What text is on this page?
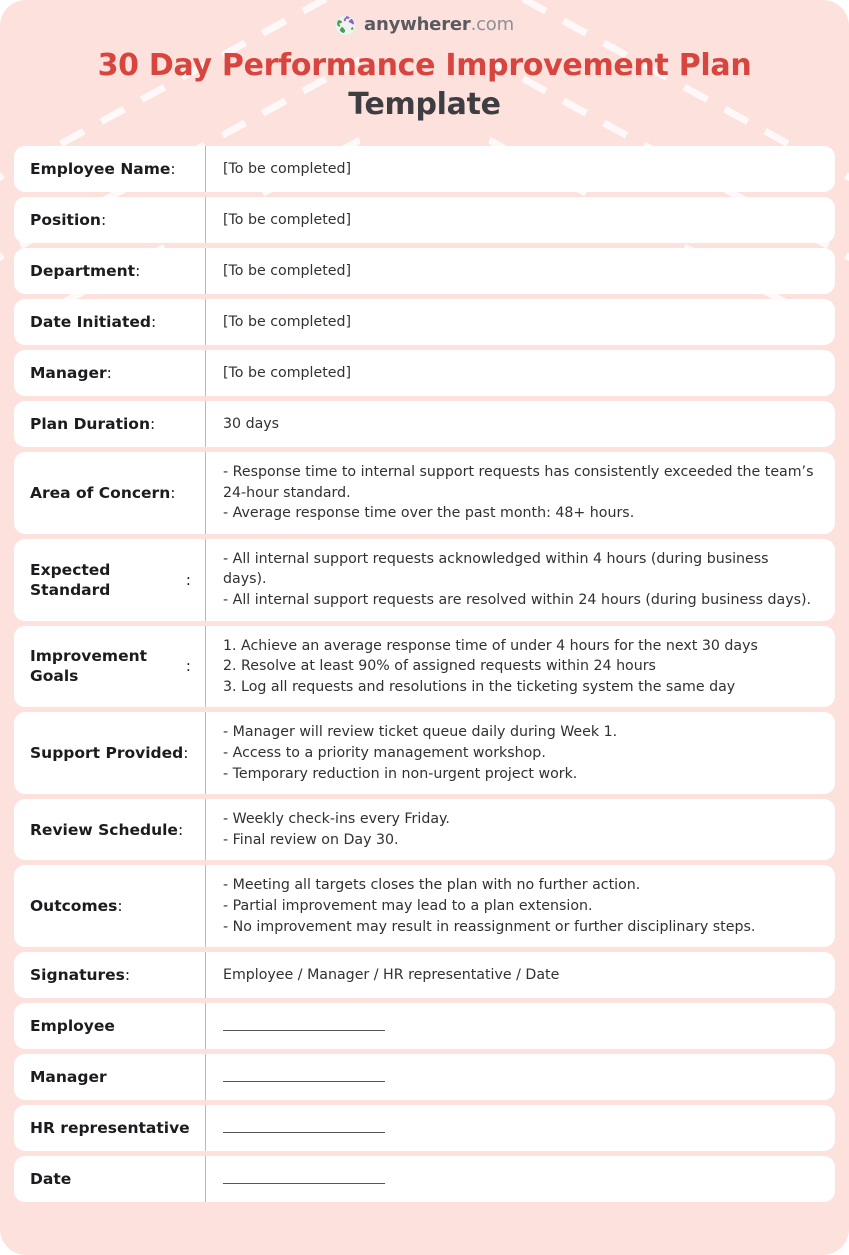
anywherer.com
30 Day Performance Improvement Plan Template
Employee Name :	[To be completed]
Position :	[To be completed]
Department :	[To be completed]
Date Initiated :	[To be completed]
Manager :	[To be completed]
Plan Duration :	30 days
Area of Concern :
- Response time to internal support requests has consistently exceeded the team’s 24-hour standard.
- Average response time over the past month: 48+ hours.
Expected Standard
:
- All internal support requests acknowledged within 4 hours (during business days).
- All internal support requests are resolved within 24 hours (during business days).
Improvement Goals
:
1. Achieve an average response time of under 4 hours for the next 30 days
2. Resolve at least 90% of assigned requests within 24 hours
3. Log all requests and resolutions in the ticketing system the same day
Support Provided :
- Manager will review ticket queue daily during Week 1.
- Access to a priority management workshop.
- Temporary reduction in non-urgent project work.
Review Schedule :
- Weekly check-ins every Friday.
- Final review on Day 30.
Outcomes :
- Meeting all targets closes the plan with no further action.
- Partial improvement may lead to a plan extension.
- No improvement may result in reassignment or further disciplinary steps.
Signatures :	Employee / Manager / HR representative / Date
Employee
Manager
HR representative
Date
